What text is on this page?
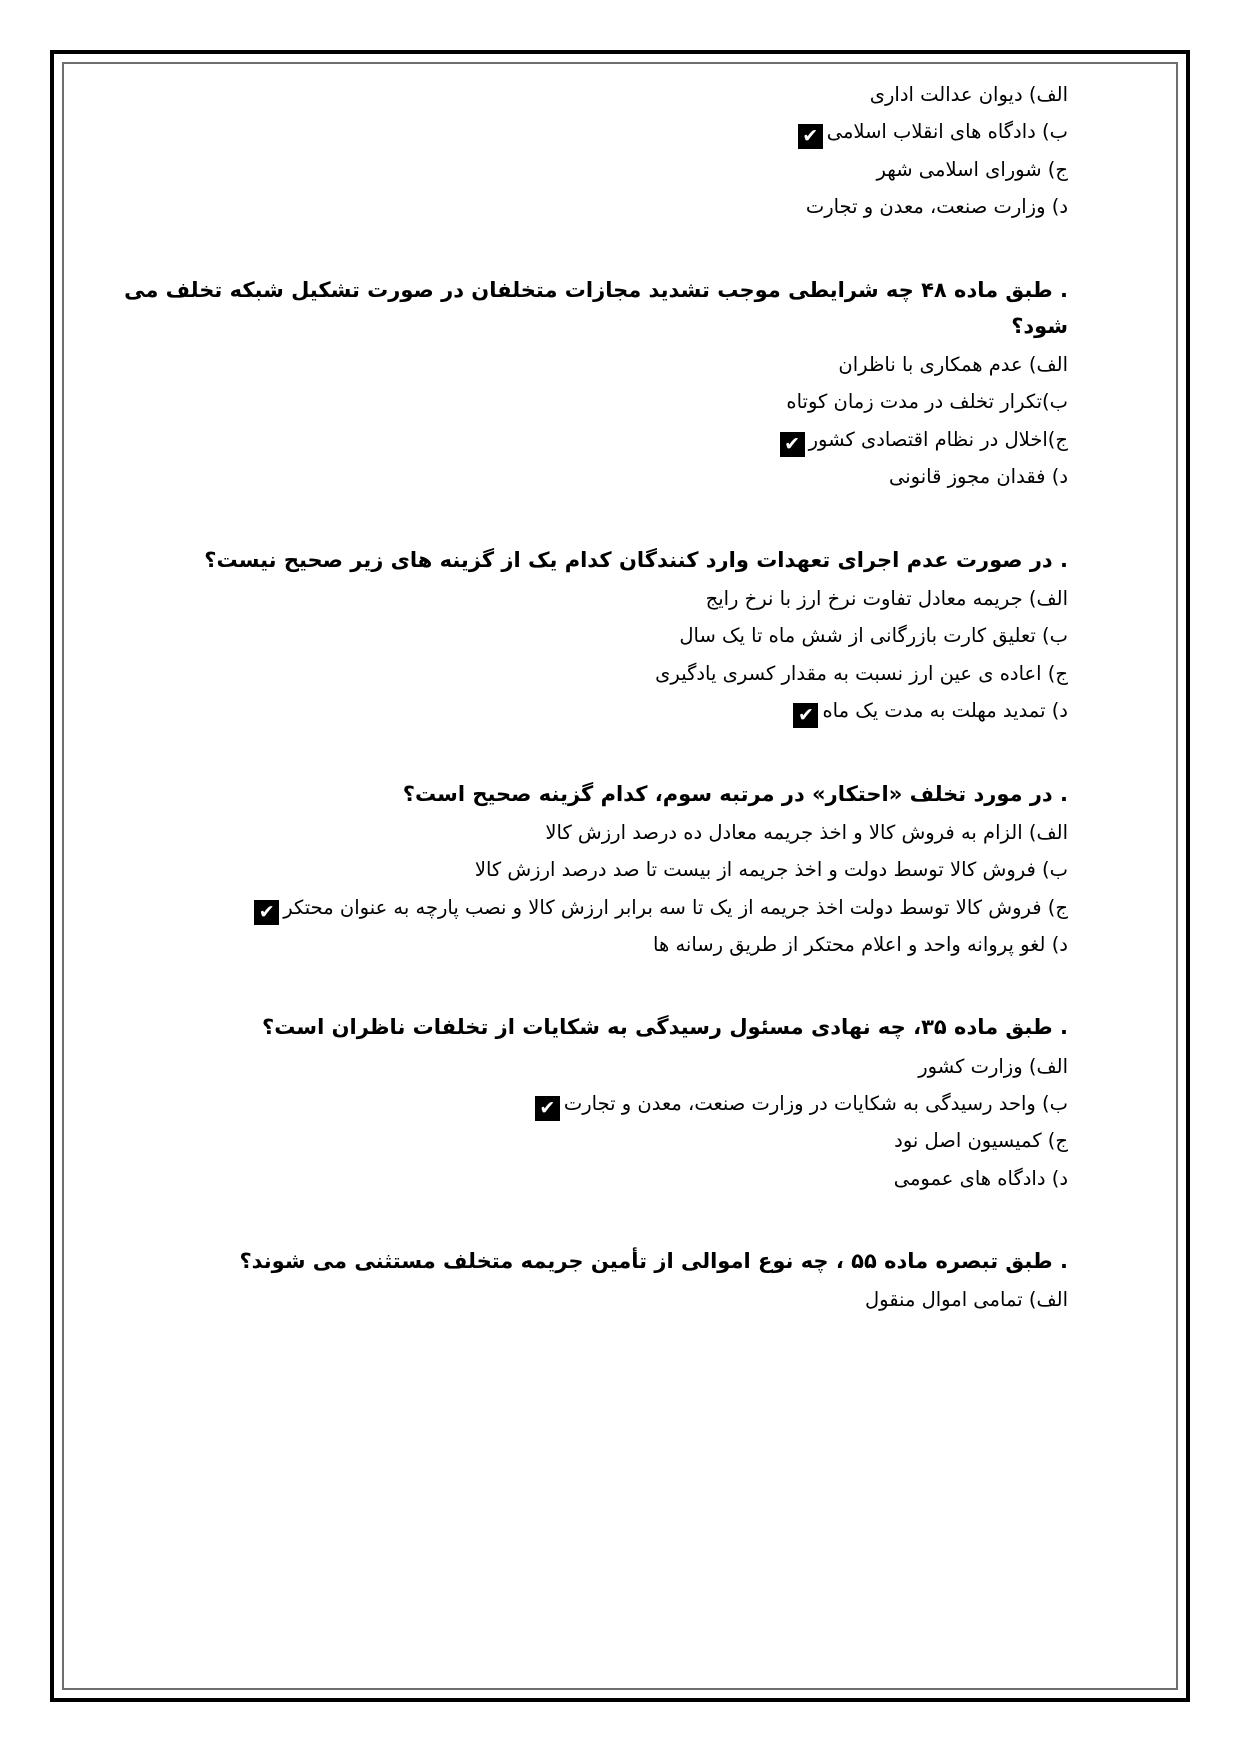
الف) دیوان عدالت اداری

ب) دادگاه های انقلاب اسلامی✔

ج) شورای اسلامی شهر

د) وزارت صنعت، معدن و تجارت

. طبق ماده ۴۸ چه شرایطی موجب تشدید مجازات متخلفان در صورت تشکیل شبکه تخلف می شود؟

الف) عدم همکاری با ناظران

ب)تکرار تخلف در مدت زمان کوتاه

ج)اخلال در نظام اقتصادی کشور✔

د) فقدان مجوز قانونی

. در صورت عدم اجرای تعهدات وارد کنندگان کدام یک از گزینه های زیر صحیح نیست؟

الف) جریمه معادل تفاوت نرخ ارز با نرخ رایج

ب) تعلیق کارت بازرگانی از شش ماه تا یک سال

ج) اعاده ی عین ارز نسبت به مقدار کسری یادگیری

د) تمدید مهلت به مدت یک ماه✔

. در مورد تخلف «احتکار» در مرتبه سوم، کدام گزینه صحیح است؟

الف) الزام به فروش کالا و اخذ جریمه معادل ده درصد ارزش کالا

ب) فروش کالا توسط دولت و اخذ جریمه از بیست تا صد درصد ارزش کالا

ج) فروش کالا توسط دولت اخذ جریمه از یک تا سه برابر ارزش کالا و نصب پارچه به عنوان محتکر✔

د) لغو پروانه واحد و اعلام محتکر از طریق رسانه ها

. طبق ماده ۳۵، چه نهادی مسئول رسیدگی به شکایات از تخلفات ناظران است؟

الف) وزارت کشور

ب) واحد رسیدگی به شکایات در وزارت صنعت، معدن و تجارت✔

ج) کمیسیون اصل نود

د) دادگاه های عمومی

. طبق تبصره ماده ۵۵ ، چه نوع اموالی از تأمین جریمه متخلف مستثنی می شوند؟

الف) تمامی اموال منقول
